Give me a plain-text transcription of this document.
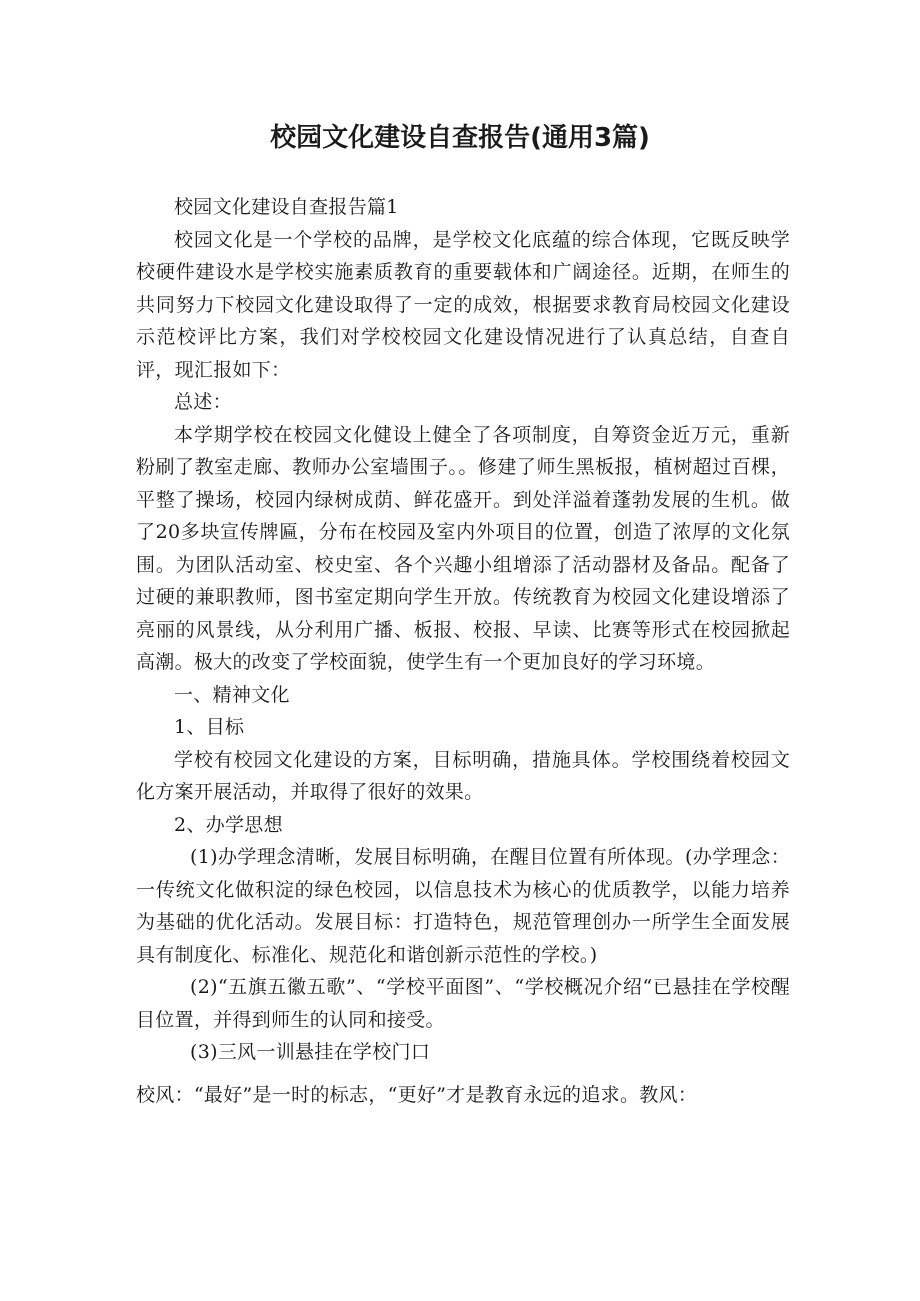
校园文化建设自查报告(通用3篇)

校园文化建设自查报告篇1

校园文化是一个学校的品牌，是学校文化底蕴的综合体现，它既反映学校硬件建设水是学校实施素质教育的重要载体和广阔途径。近期，在师生的共同努力下校园文化建设取得了一定的成效，根据要求教育局校园文化建设示范校评比方案，我们对学校校园文化建设情况进行了认真总结，自查自评，现汇报如下：

总述：

本学期学校在校园文化健设上健全了各项制度，自筹资金近万元，重新粉刷了教室走廊、教师办公室墙围子。。修建了师生黑板报，植树超过百棵，平整了操场，校园内绿树成荫、鲜花盛开。到处洋溢着蓬勃发展的生机。做了20多块宣传牌匾，分布在校园及室内外项目的位置，创造了浓厚的文化氛围。为团队活动室、校史室、各个兴趣小组增添了活动器材及备品。配备了过硬的兼职教师，图书室定期向学生开放。传统教育为校园文化建设增添了亮丽的风景线，从分利用广播、板报、校报、早读、比赛等形式在校园掀起高潮。极大的改变了学校面貌，使学生有一个更加良好的学习环境。

一、精神文化

1、目标

学校有校园文化建设的方案，目标明确，措施具体。学校围绕着校园文化方案开展活动，并取得了很好的效果。

2、办学思想

(1)办学理念清晰，发展目标明确，在醒目位置有所体现。(办学理念：一传统文化做积淀的绿色校园，以信息技术为核心的优质教学，以能力培养为基础的优化活动。发展目标：打造特色，规范管理创办一所学生全面发展具有制度化、标准化、规范化和谐创新示范性的学校。)

(2)“五旗五徽五歌”、“学校平面图”、“学校概况介绍“已悬挂在学校醒目位置，并得到师生的认同和接受。

(3)三风一训悬挂在学校门口

校风：“最好”是一时的标志，“更好”才是教育永远的追求。教风：
